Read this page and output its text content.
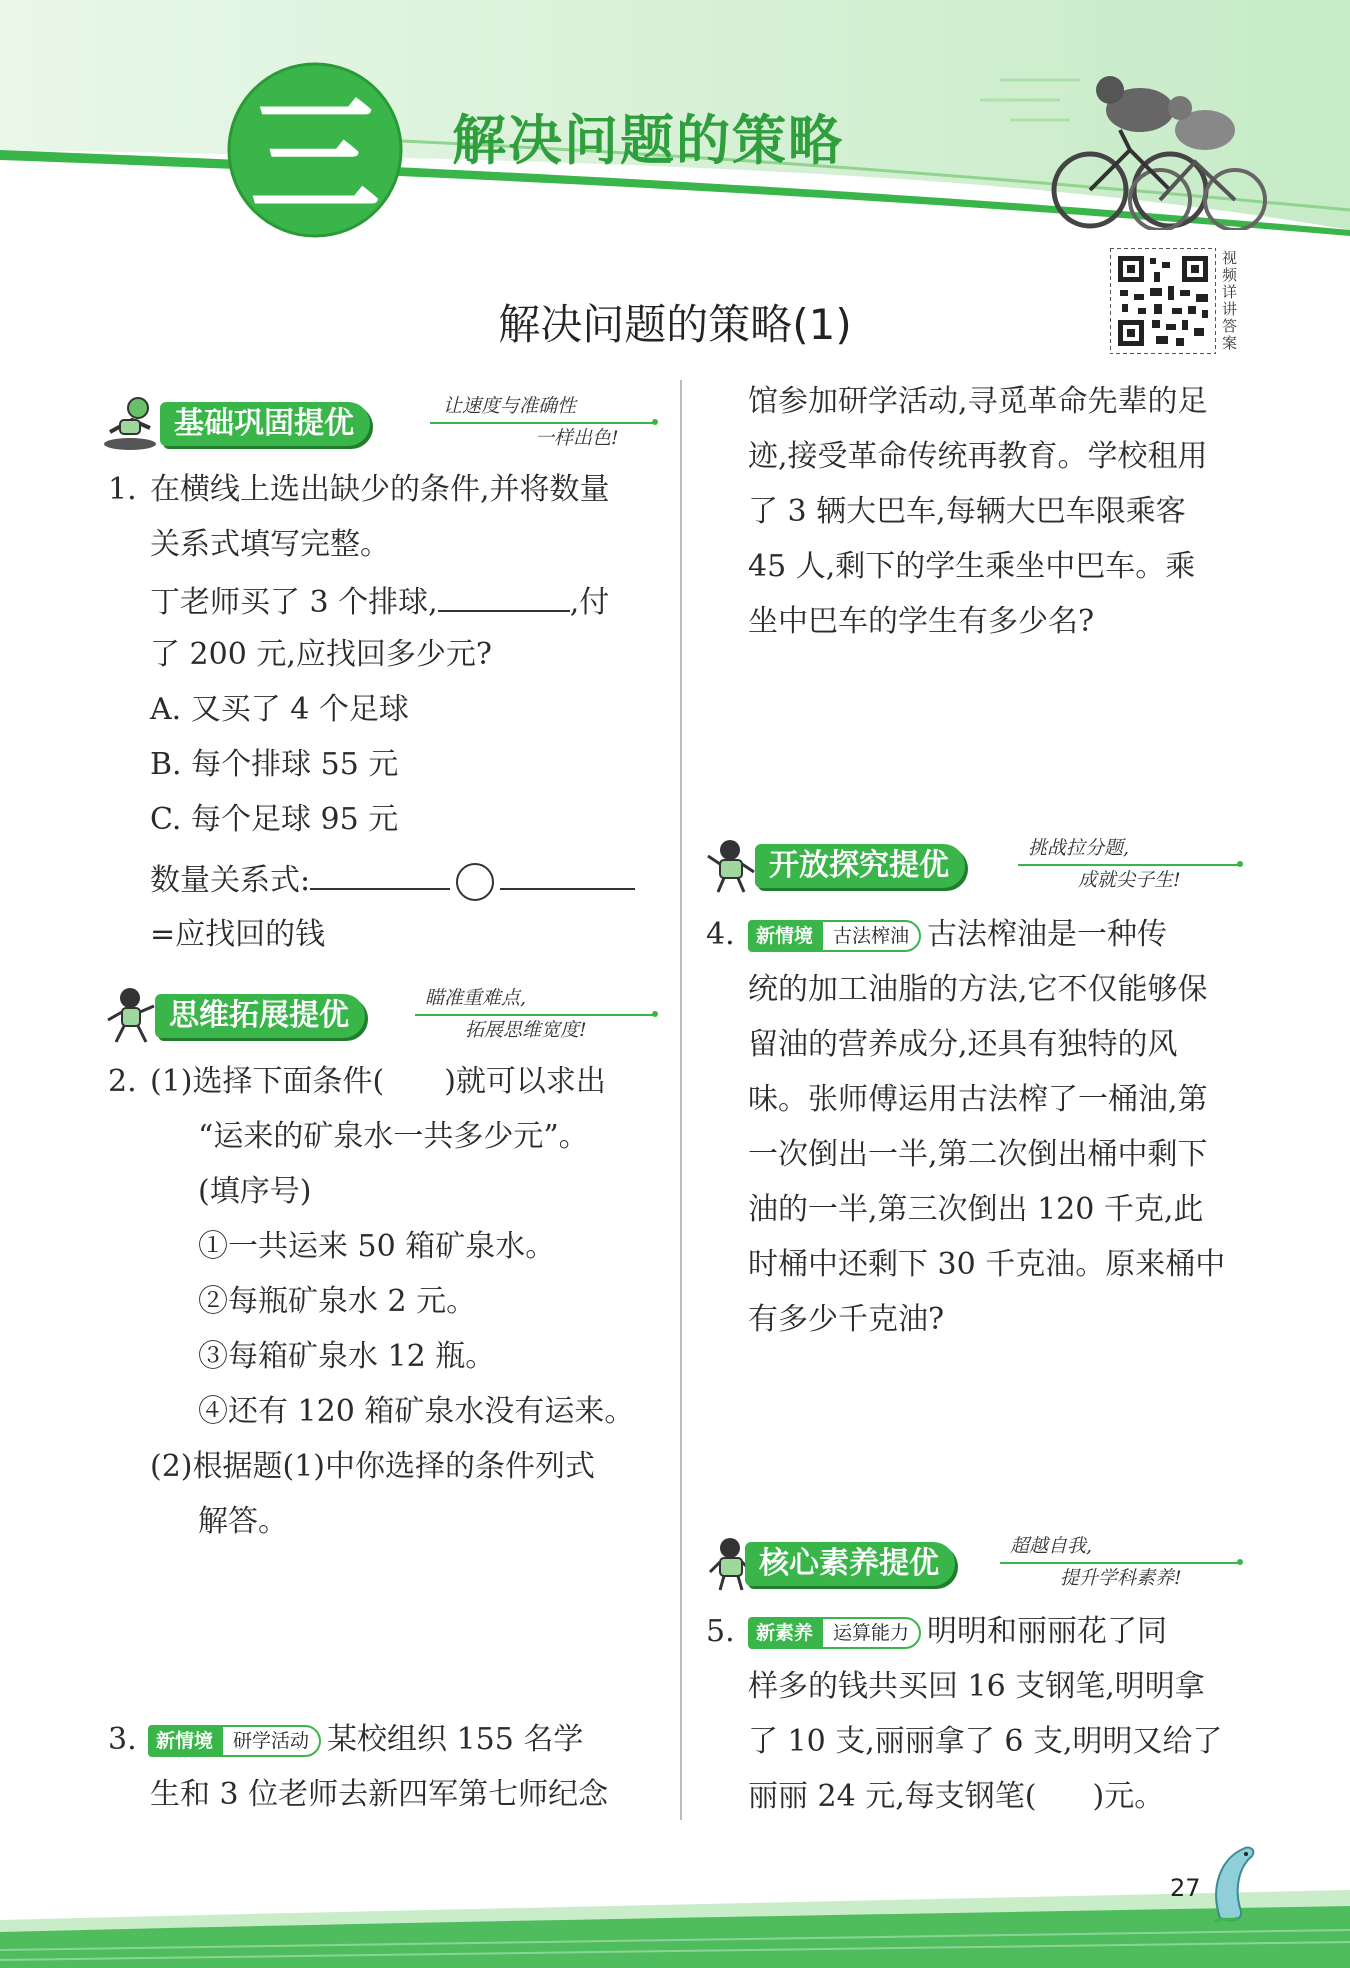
三	解决问题的策略
解决问题的策略(1)
视频详讲答案
基础巩固提优	让速度与准确性
一样出色!
1. 在横线上选出缺少的条件,并将数量
关系式填写完整。
丁老师买了 3 个排球,	,付
了 200 元,应找回多少元?
A. 又买了 4 个足球
B. 每个排球 55 元
C. 每个足球 95 元
数量关系式:
=应找回的钱
思维拓展提优	瞄准重难点,
拓展思维宽度!
2. (1)选择下面条件( )就可以求出
“运来的矿泉水一共多少元”。
(填序号)
①一共运来 50 箱矿泉水。
②每瓶矿泉水 2 元。
③每箱矿泉水 12 瓶。
④还有 120 箱矿泉水没有运来。
(2)根据题(1)中你选择的条件列式
解答。
3.	新情境	研学活动 某校组织 155 名学
生和 3 位老师去新四军第七师纪念
馆参加研学活动,寻觅革命先辈的足
迹,接受革命传统再教育。学校租用
了 3 辆大巴车,每辆大巴车限乘客
45 人,剩下的学生乘坐中巴车。乘
坐中巴车的学生有多少名?
开放探究提优	挑战拉分题,
成就尖子生!
4.	新情境	古法榨油 古法榨油是一种传
统的加工油脂的方法,它不仅能够保
留油的营养成分,还具有独特的风
味。张师傅运用古法榨了一桶油,第
一次倒出一半,第二次倒出桶中剩下
油的一半,第三次倒出 120 千克,此
时桶中还剩下 30 千克油。原来桶中
有多少千克油?
核心素养提优	超越自我,
提升学科素养!
5.	新素养	运算能力 明明和丽丽花了同
样多的钱共买回 16 支钢笔,明明拿
了 10 支,丽丽拿了 6 支,明明又给了
丽丽 24 元,每支钢笔( )元。
27
